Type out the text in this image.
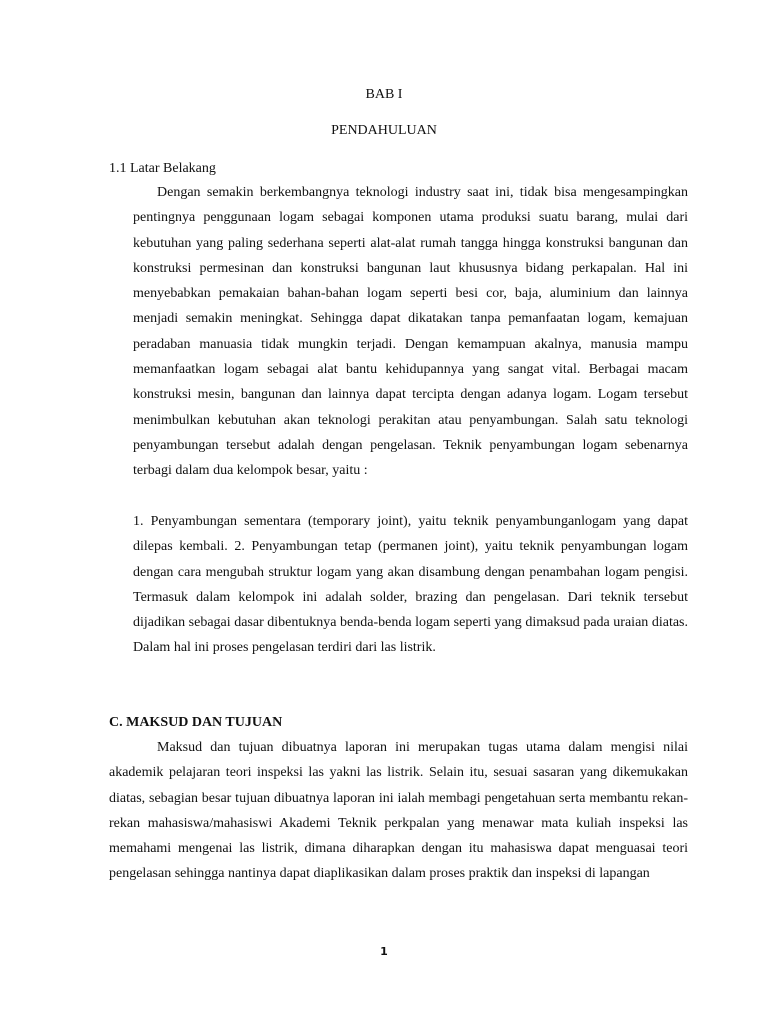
BAB I
PENDAHULUAN
1.1 Latar Belakang

Dengan semakin berkembangnya teknologi industry saat ini, tidak bisa mengesampingkan pentingnya penggunaan logam sebagai komponen utama produksi suatu barang, mulai dari kebutuhan yang paling sederhana seperti alat-alat rumah tangga hingga konstruksi bangunan dan konstruksi permesinan dan konstruksi bangunan laut khususnya bidang perkapalan. Hal ini menyebabkan pemakaian bahan-bahan logam seperti besi cor, baja, aluminium dan lainnya menjadi semakin meningkat. Sehingga dapat dikatakan tanpa pemanfaatan logam, kemajuan peradaban manuasia tidak mungkin terjadi. Dengan kemampuan akalnya, manusia mampu memanfaatkan logam sebagai alat bantu kehidupannya yang sangat vital. Berbagai macam konstruksi mesin, bangunan dan lainnya dapat tercipta dengan adanya logam. Logam tersebut menimbulkan kebutuhan akan teknologi perakitan atau penyambungan. Salah satu teknologi penyambungan tersebut adalah dengan pengelasan. Teknik penyambungan logam sebenarnya terbagi dalam dua kelompok besar, yaitu :

1. Penyambungan sementara (temporary joint), yaitu teknik penyambunganlogam yang dapat dilepas kembali. 2. Penyambungan tetap (permanen joint), yaitu teknik penyambungan logam dengan cara mengubah struktur logam yang akan disambung dengan penambahan logam pengisi. Termasuk dalam kelompok ini adalah solder, brazing dan pengelasan. Dari teknik tersebut dijadikan sebagai dasar dibentuknya benda-benda logam seperti yang dimaksud pada uraian diatas. Dalam hal ini proses pengelasan terdiri dari las listrik.

C. MAKSUD DAN TUJUAN

Maksud dan tujuan dibuatnya laporan ini merupakan tugas utama dalam mengisi nilai akademik pelajaran teori inspeksi las yakni las listrik. Selain itu, sesuai sasaran yang dikemukakan diatas, sebagian besar tujuan dibuatnya laporan ini ialah membagi pengetahuan serta membantu rekan-rekan mahasiswa/mahasiswi Akademi Teknik perkpalan yang menawar mata kuliah inspeksi las memahami mengenai las listrik, dimana diharapkan dengan itu mahasiswa dapat menguasai teori pengelasan sehingga nantinya dapat diaplikasikan dalam proses praktik dan inspeksi di lapangan

1
